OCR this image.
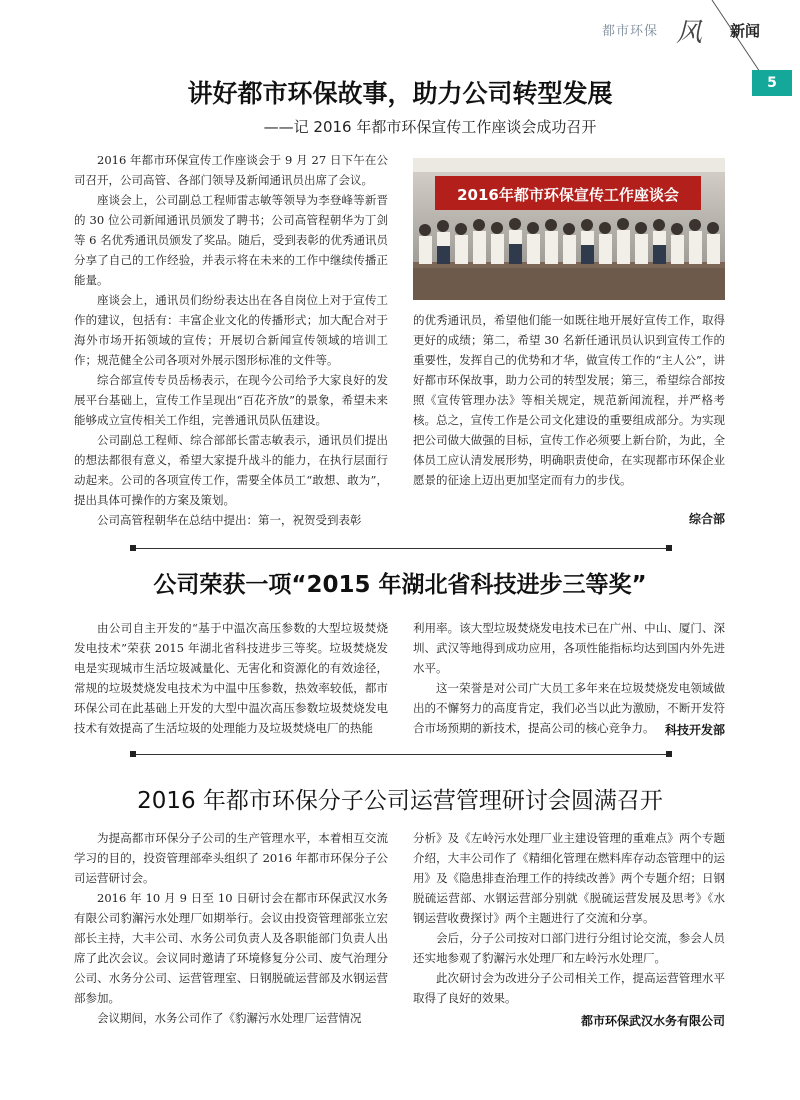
都市环保 风 新闻
5
讲好都市环保故事，助力公司转型发展
——记 2016 年都市环保宣传工作座谈会成功召开

2016 年都市环保宣传工作座谈会于 9 月 27 日下午在公司召开，公司高管、各部门领导及新闻通讯员出席了会议。

座谈会上，公司副总工程师雷志敏等领导为李登峰等新晋的 30 位公司新闻通讯员颁发了聘书；公司高管程朝华为丁剑等 6 名优秀通讯员颁发了奖品。随后，受到表彰的优秀通讯员分享了自己的工作经验，并表示将在未来的工作中继续传播正能量。

座谈会上，通讯员们纷纷表达出在各自岗位上对于宣传工作的建议，包括有：丰富企业文化的传播形式；加大配合对于海外市场开拓领域的宣传；开展切合新闻宣传领域的培训工作；规范健全公司各项对外展示图形标准的文件等。

综合部宣传专员岳杨表示，在现今公司给予大家良好的发展平台基础上，宣传工作呈现出“百花齐放”的景象，希望未来能够成立宣传相关工作组，完善通讯员队伍建设。

公司副总工程师、综合部部长雷志敏表示，通讯员们提出的想法都很有意义，希望大家提升战斗的能力，在执行层面行动起来。公司的各项宣传工作，需要全体员工“敢想、敢为”，提出具体可操作的方案及策划。

公司高管程朝华在总结中提出：第一，祝贺受到表彰

2016年都市环保宣传工作座谈会

的优秀通讯员，希望他们能一如既往地开展好宣传工作，取得更好的成绩；第二，希望 30 名新任通讯员认识到宣传工作的重要性，发挥自己的优势和才华，做宣传工作的“主人公”，讲好都市环保故事，助力公司的转型发展；第三，希望综合部按照《宣传管理办法》等相关规定，规范新闻流程，并严格考核。总之，宣传工作是公司文化建设的重要组成部分。为实现把公司做大做强的目标，宣传工作必须要上新台阶，为此，全体员工应认清发展形势，明确职责使命，在实现都市环保企业愿景的征途上迈出更加坚定而有力的步伐。

综合部
公司荣获一项“2015 年湖北省科技进步三等奖”

由公司自主开发的“基于中温次高压参数的大型垃圾焚烧发电技术”荣获 2015 年湖北省科技进步三等奖。垃圾焚烧发电是实现城市生活垃圾减量化、无害化和资源化的有效途径，常规的垃圾焚烧发电技术为中温中压参数，热效率较低，都市环保公司在此基础上开发的大型中温次高压参数垃圾焚烧发电技术有效提高了生活垃圾的处理能力及垃圾焚烧电厂的热能

利用率。该大型垃圾焚烧发电技术已在广州、中山、厦门、深圳、武汉等地得到成功应用，各项性能指标均达到国内外先进水平。

这一荣誉是对公司广大员工多年来在垃圾焚烧发电领域做出的不懈努力的高度肯定，我们必当以此为激励，不断开发符合市场预期的新技术，提高公司的核心竞争力。 科技开发部
2016 年都市环保分子公司运营管理研讨会圆满召开

为提高都市环保分子公司的生产管理水平，本着相互交流学习的目的，投资管理部牵头组织了 2016 年都市环保分子公司运营研讨会。

2016 年 10 月 9 日至 10 日研讨会在都市环保武汉水务有限公司豹澥污水处理厂如期举行。会议由投资管理部张立宏部长主持，大丰公司、水务公司负责人及各职能部门负责人出席了此次会议。会议同时邀请了环境修复分公司、废气治理分公司、水务分公司、运营管理室、日钢脱硫运营部及水钢运营部参加。

会议期间，水务公司作了《豹澥污水处理厂运营情况

分析》及《左岭污水处理厂业主建设管理的重难点》两个专题介绍，大丰公司作了《精细化管理在燃料库存动态管理中的运用》及《隐患排查治理工作的持续改善》两个专题介绍；日钢脱硫运营部、水钢运营部分别就《脱硫运营发展及思考》《水钢运营收费探讨》两个主题进行了交流和分享。

会后，分子公司按对口部门进行分组讨论交流，参会人员还实地参观了豹澥污水处理厂和左岭污水处理厂。

此次研讨会为改进分子公司相关工作，提高运营管理水平取得了良好的效果。

都市环保武汉水务有限公司
